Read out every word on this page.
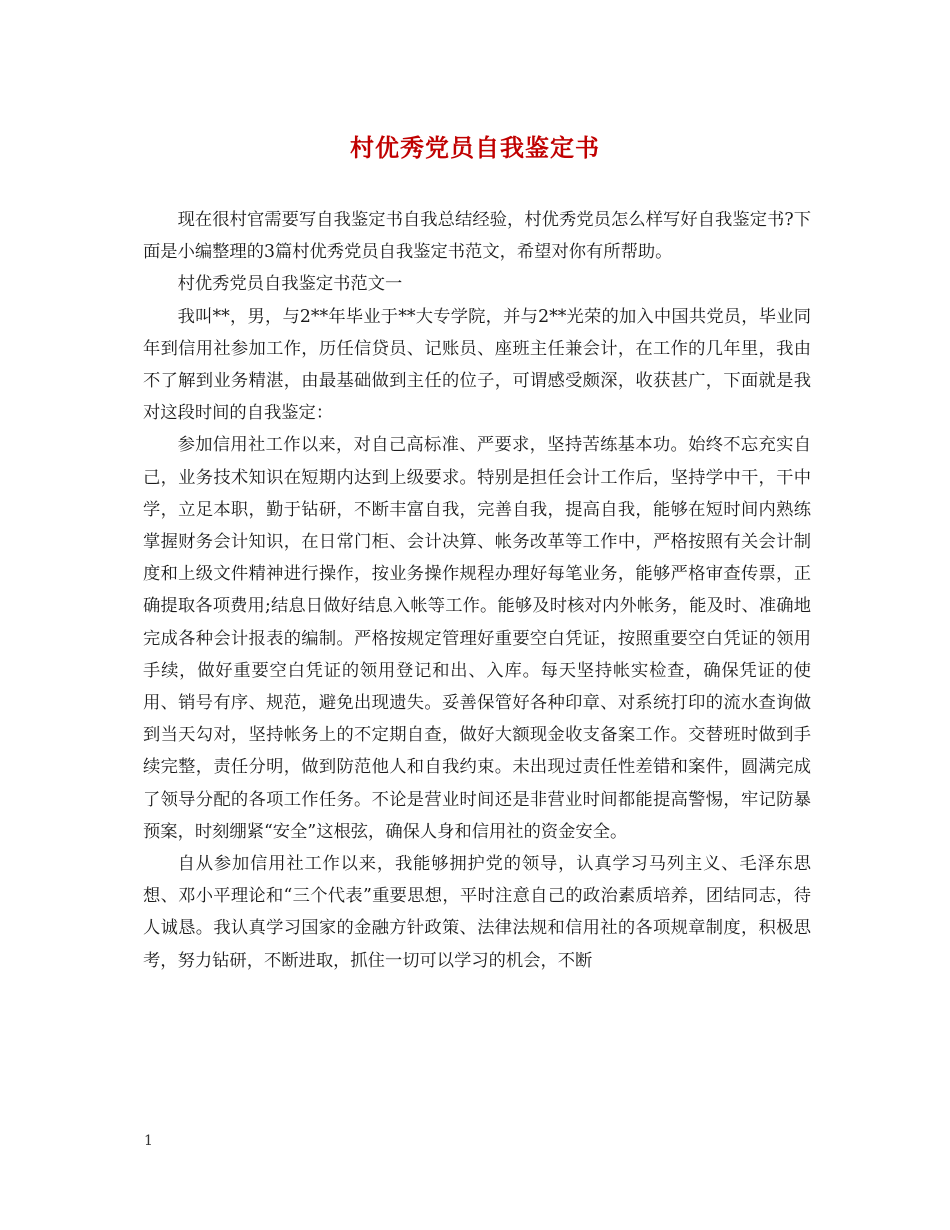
村优秀党员自我鉴定书

现在很村官需要写自我鉴定书自我总结经验，村优秀党员怎么样写好自我鉴定书?下面是小编整理的3篇村优秀党员自我鉴定书范文，希望对你有所帮助。

村优秀党员自我鉴定书范文一

我叫**，男，与2**年毕业于**大专学院，并与2**光荣的加入中国共党员，毕业同年到信用社参加工作，历任信贷员、记账员、座班主任兼会计，在工作的几年里，我由不了解到业务精湛，由最基础做到主任的位子，可谓感受颇深，收获甚广，下面就是我对这段时间的自我鉴定：

参加信用社工作以来，对自己高标准、严要求，坚持苦练基本功。始终不忘充实自己，业务技术知识在短期内达到上级要求。特别是担任会计工作后，坚持学中干，干中学，立足本职，勤于钻研，不断丰富自我，完善自我，提高自我，能够在短时间内熟练掌握财务会计知识，在日常门柜、会计决算、帐务改革等工作中，严格按照有关会计制度和上级文件精神进行操作，按业务操作规程办理好每笔业务，能够严格审查传票，正确提取各项费用;结息日做好结息入帐等工作。能够及时核对内外帐务，能及时、准确地完成各种会计报表的编制。严格按规定管理好重要空白凭证，按照重要空白凭证的领用手续，做好重要空白凭证的领用登记和出、入库。每天坚持帐实检查，确保凭证的使用、销号有序、规范，避免出现遗失。妥善保管好各种印章、对系统打印的流水查询做到当天勾对，坚持帐务上的不定期自查，做好大额现金收支备案工作。交替班时做到手续完整，责任分明，做到防范他人和自我约束。未出现过责任性差错和案件，圆满完成了领导分配的各项工作任务。不论是营业时间还是非营业时间都能提高警惕，牢记防暴预案，时刻绷紧“安全”这根弦，确保人身和信用社的资金安全。

自从参加信用社工作以来，我能够拥护党的领导，认真学习马列主义、毛泽东思想、邓小平理论和“三个代表”重要思想，平时注意自己的政治素质培养，团结同志，待人诚恳。我认真学习国家的金融方针政策、法律法规和信用社的各项规章制度，积极思考，努力钻研，不断进取，抓住一切可以学习的机会，不断

1
